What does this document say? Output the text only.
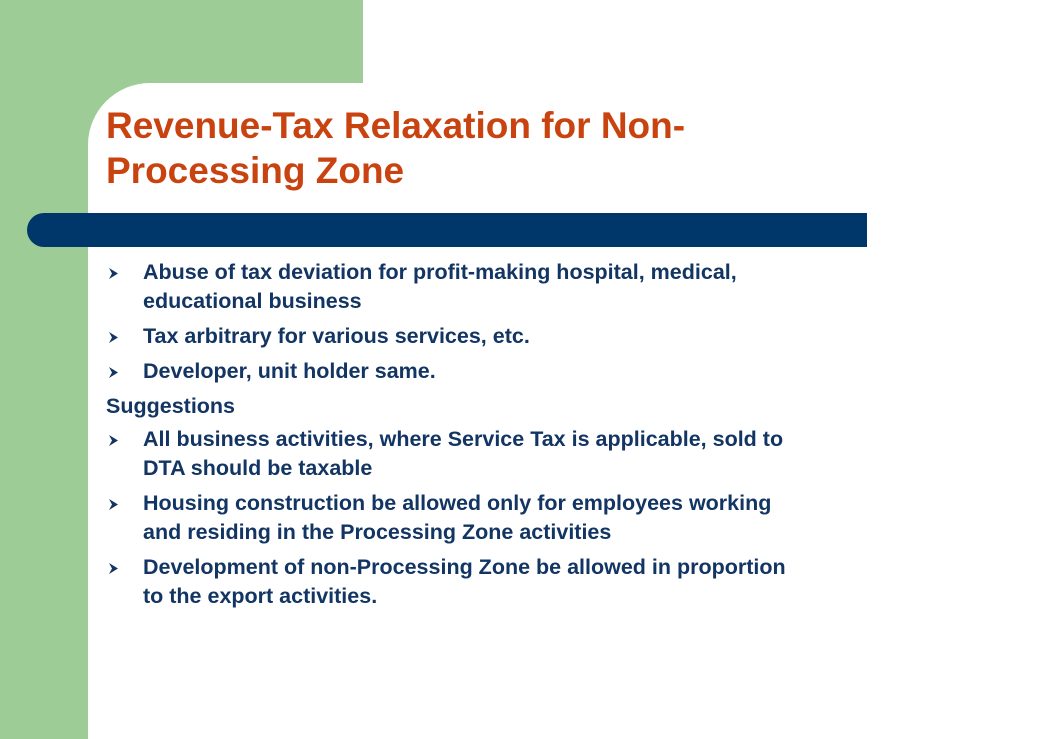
Revenue-Tax Relaxation for Non-
Processing Zone
Abuse of tax deviation for profit-making hospital, medical,
educational business
Tax arbitrary for various services, etc.
Developer, unit holder same.
Suggestions
All business activities, where Service Tax is applicable, sold to
DTA should be taxable
Housing construction be allowed only for employees working
and residing in the Processing Zone activities
Development of non-Processing Zone be allowed in proportion
to the export activities.
